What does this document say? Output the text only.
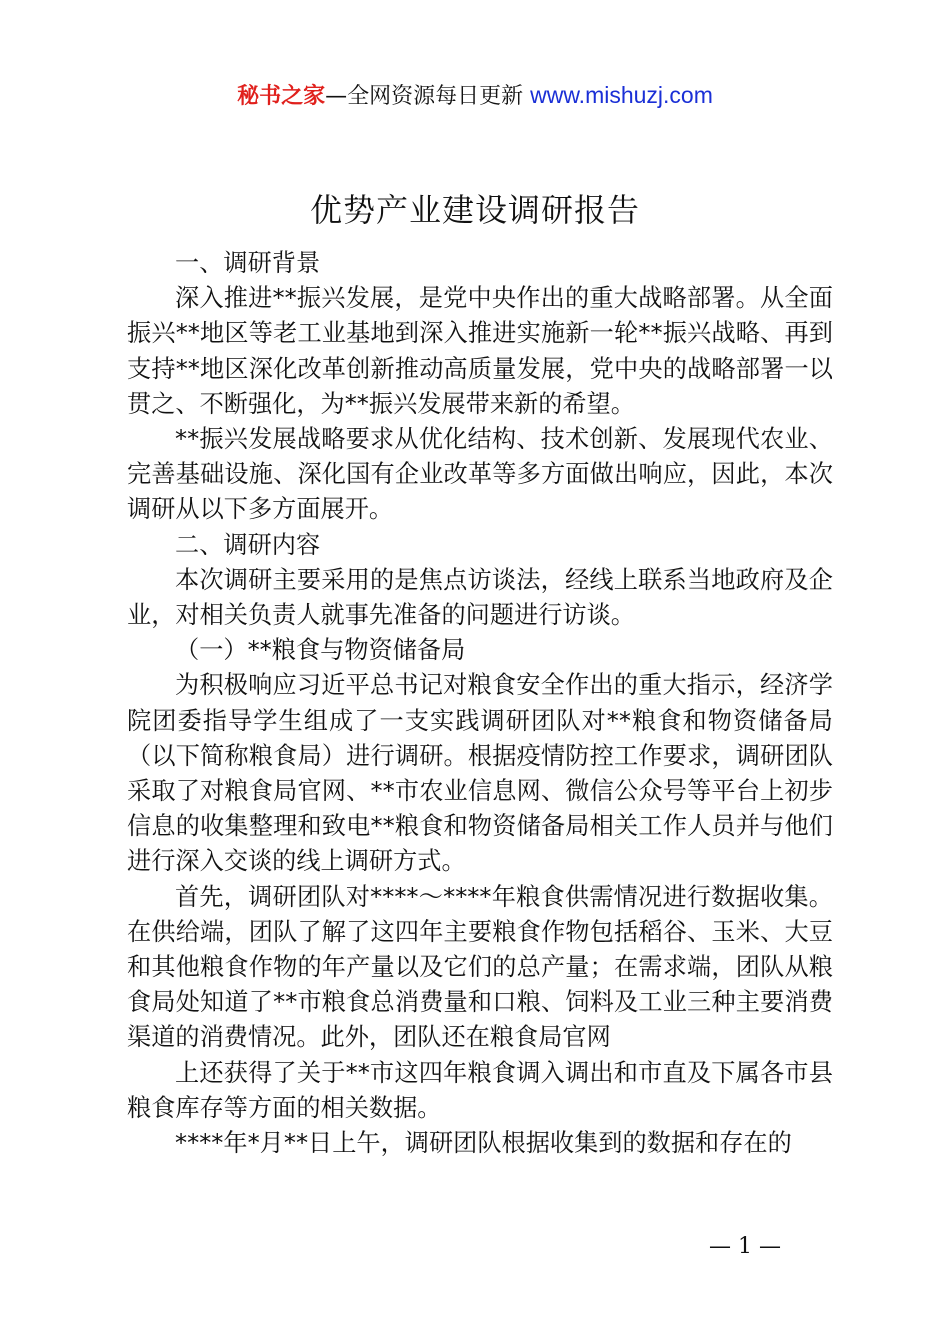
秘书之家—全网资源每日更新 www.mishuzj.com
优势产业建设调研报告

一、调研背景

深入推进**振兴发展，是党中央作出的重大战略部署。从全面振兴**地区等老工业基地到深入推进实施新一轮**振兴战略、再到支持**地区深化改革创新推动高质量发展，党中央的战略部署一以贯之、不断强化，为**振兴发展带来新的希望。

**振兴发展战略要求从优化结构、技术创新、发展现代农业、完善基础设施、深化国有企业改革等多方面做出响应，因此，本次调研从以下多方面展开。

二、调研内容

本次调研主要采用的是焦点访谈法，经线上联系当地政府及企业，对相关负责人就事先准备的问题进行访谈。

（一）**粮食与物资储备局

为积极响应习近平总书记对粮食安全作出的重大指示，经济学院团委指导学生组成了一支实践调研团队对**粮食和物资储备局（以下简称粮食局）进行调研。根据疫情防控工作要求，调研团队采取了对粮食局官网、**市农业信息网、微信公众号等平台上初步信息的收集整理和致电**粮食和物资储备局相关工作人员并与他们进行深入交谈的线上调研方式。

首先，调研团队对****～****年粮食供需情况进行数据收集。在供给端，团队了解了这四年主要粮食作物包括稻谷、玉米、大豆和其他粮食作物的年产量以及它们的总产量；在需求端，团队从粮食局处知道了**市粮食总消费量和口粮、饲料及工业三种主要消费渠道的消费情况。此外，团队还在粮食局官网

上还获得了关于**市这四年粮食调入调出和市直及下属各市县粮食库存等方面的相关数据。

****年*月**日上午，调研团队根据收集到的数据和存在的

— 1 —
